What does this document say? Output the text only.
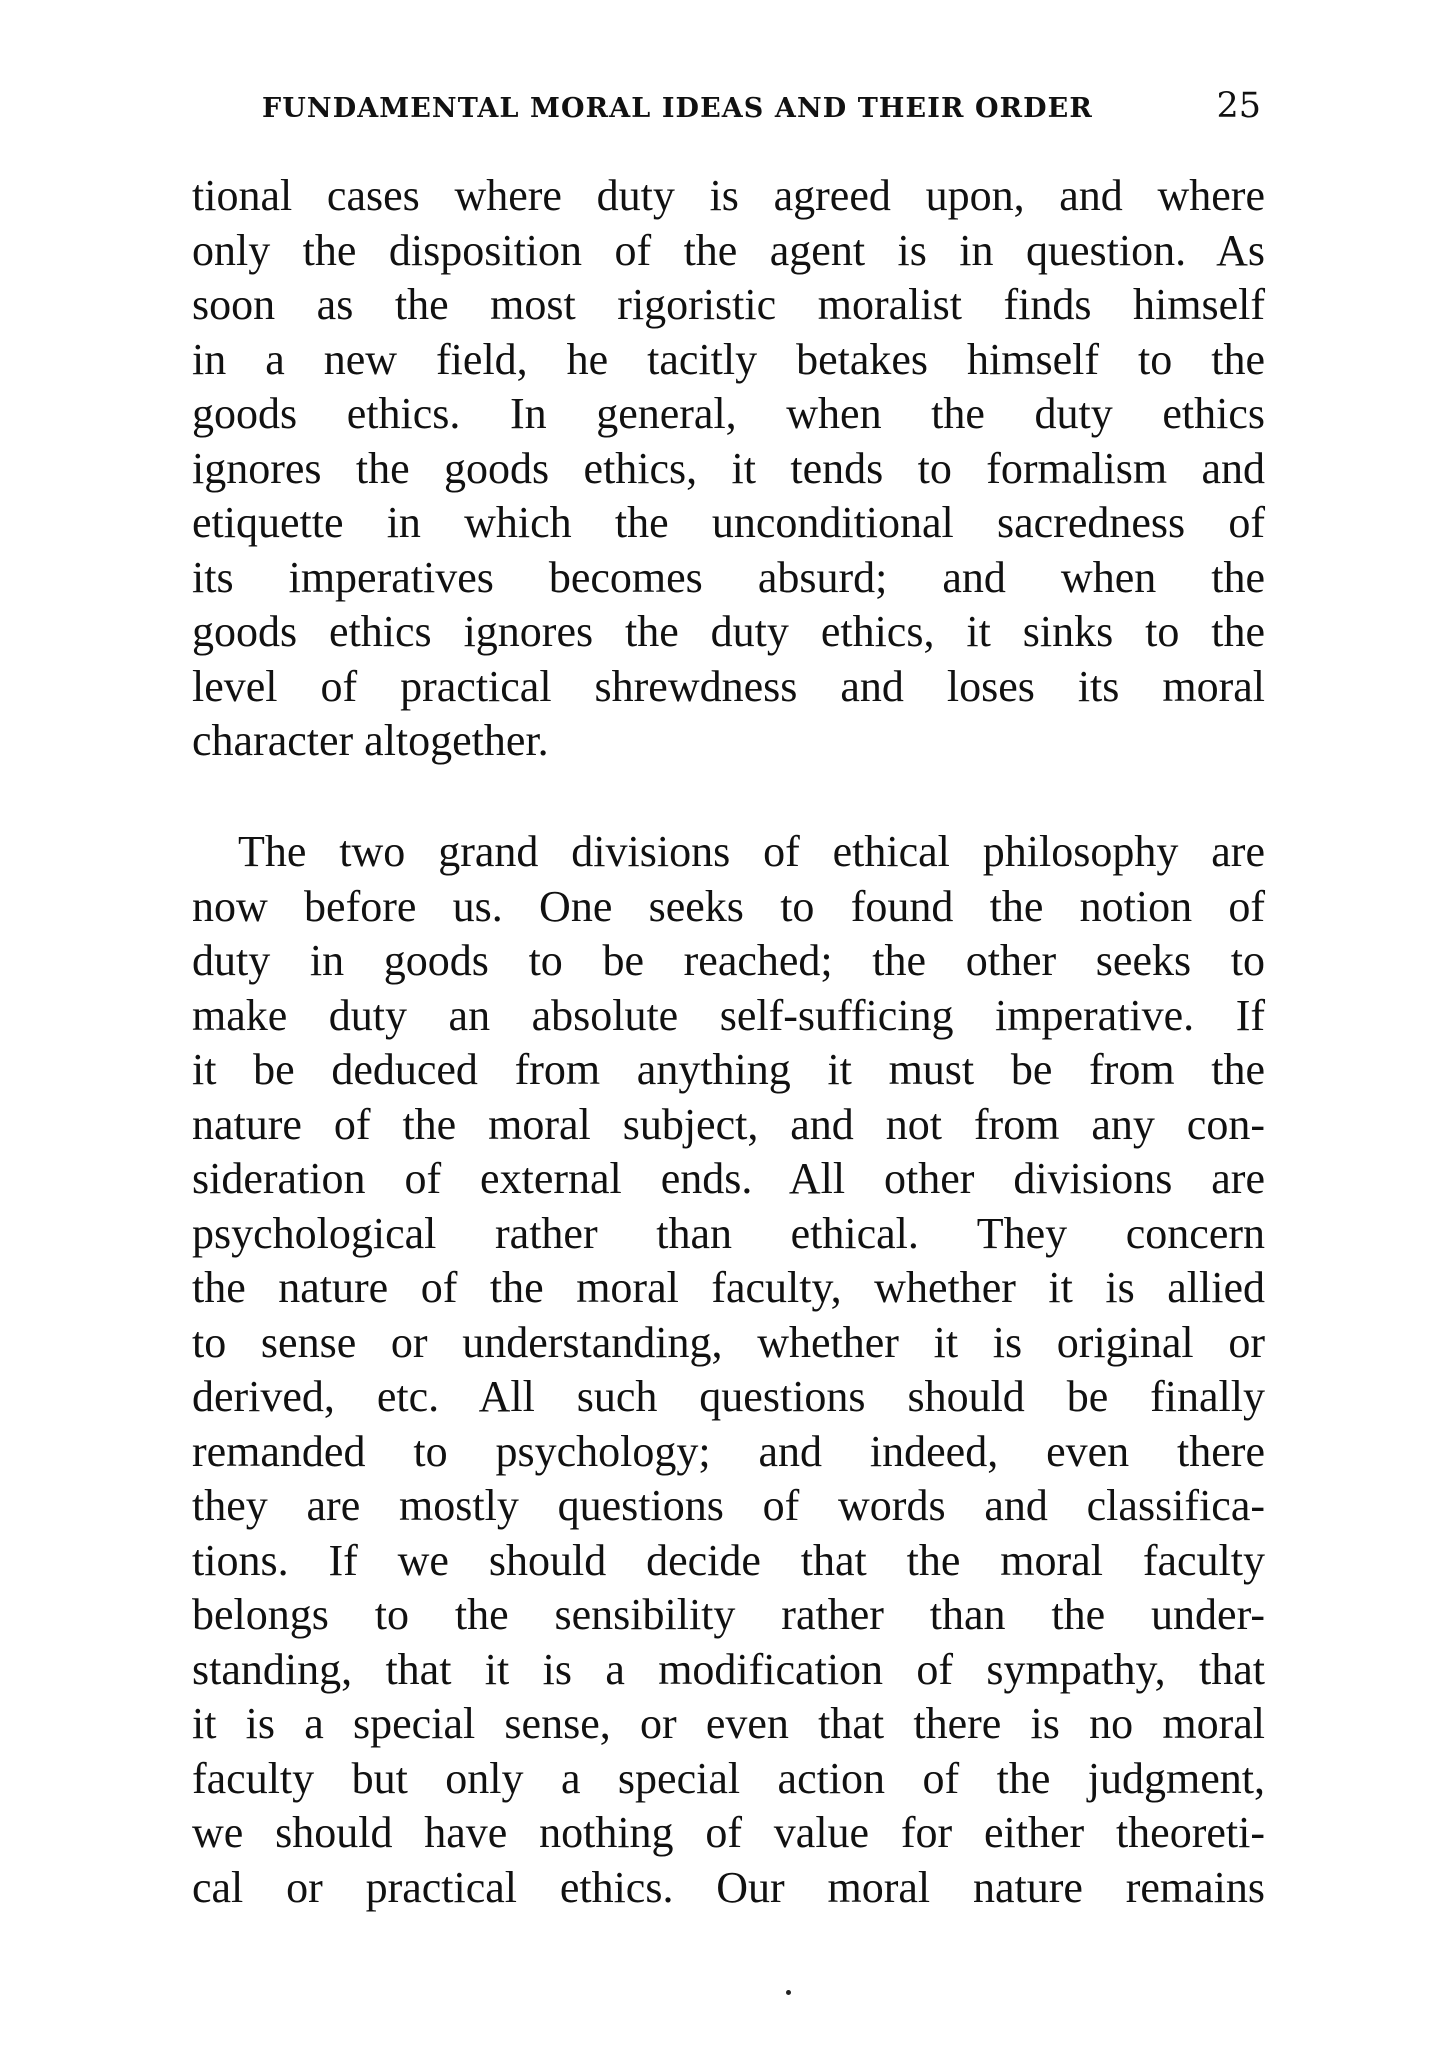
FUNDAMENTAL MORAL IDEAS AND THEIR ORDER	25
tional cases where duty is agreed upon, and where
only the disposition of the agent is in question. As
soon as the most rigoristic moralist finds himself
in a new field, he tacitly betakes himself to the
goods ethics. In general, when the duty ethics
ignores the goods ethics, it tends to formalism and
etiquette in which the unconditional sacredness of
its imperatives becomes absurd; and when the
goods ethics ignores the duty ethics, it sinks to the
level of practical shrewdness and loses its moral
character altogether.
The two grand divisions of ethical philosophy are
now before us. One seeks to found the notion of
duty in goods to be reached; the other seeks to
make duty an absolute self-sufficing imperative. If
it be deduced from anything it must be from the
nature of the moral subject, and not from any con-
sideration of external ends. All other divisions are
psychological rather than ethical. They concern
the nature of the moral faculty, whether it is allied
to sense or understanding, whether it is original or
derived, etc. All such questions should be finally
remanded to psychology; and indeed, even there
they are mostly questions of words and classifica-
tions. If we should decide that the moral faculty
belongs to the sensibility rather than the under-
standing, that it is a modification of sympathy, that
it is a special sense, or even that there is no moral
faculty but only a special action of the judgment,
we should have nothing of value for either theoreti-
cal or practical ethics. Our moral nature remains
